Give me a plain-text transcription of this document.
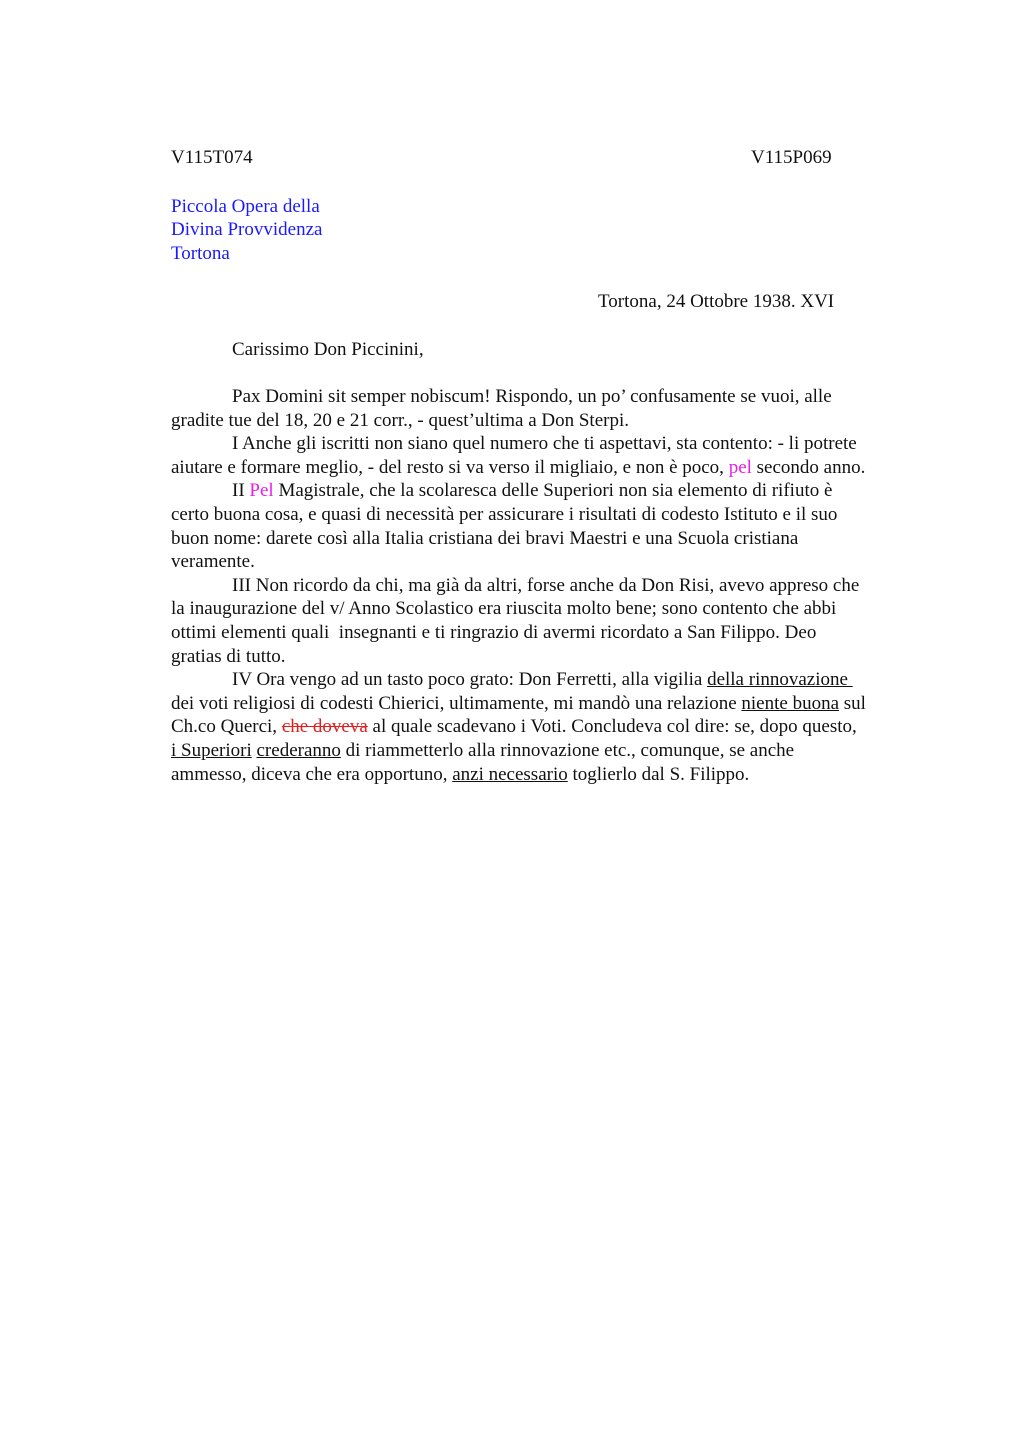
V115T074	V115P069
Piccola Opera della
Divina Provvidenza
Tortona
Tortona, 24 Ottobre 1938. XVI
Carissimo Don Piccinini,
Pax Domini sit semper nobiscum! Rispondo, un po’ confusamente se vuoi, alle
gradite tue del 18, 20 e 21 corr., - quest’ultima a Don Sterpi.
I Anche gli iscritti non siano quel numero che ti aspettavi, sta contento: - li potrete
aiutare e formare meglio, - del resto si va verso il migliaio, e non è poco, pel secondo anno.
II Pel Magistrale, che la scolaresca delle Superiori non sia elemento di rifiuto è
certo buona cosa, e quasi di necessità per assicurare i risultati di codesto Istituto e il suo
buon nome: darete così alla Italia cristiana dei bravi Maestri e una Scuola cristiana
veramente.
III Non ricordo da chi, ma già da altri, forse anche da Don Risi, avevo appreso che
la inaugurazione del v/ Anno Scolastico era riuscita molto bene; sono contento che abbi
ottimi elementi quali  insegnanti e ti ringrazio di avermi ricordato a San Filippo. Deo
gratias di tutto.
IV Ora vengo ad un tasto poco grato: Don Ferretti, alla vigilia della rinnovazione
dei voti religiosi di codesti Chierici, ultimamente, mi mandò una relazione niente buona sul
Ch.co Querci, che doveva al quale scadevano i Voti. Concludeva col dire: se, dopo questo,
i Superiori crederanno di riammetterlo alla rinnovazione etc., comunque, se anche
ammesso, diceva che era opportuno, anzi necessario toglierlo dal S. Filippo.
